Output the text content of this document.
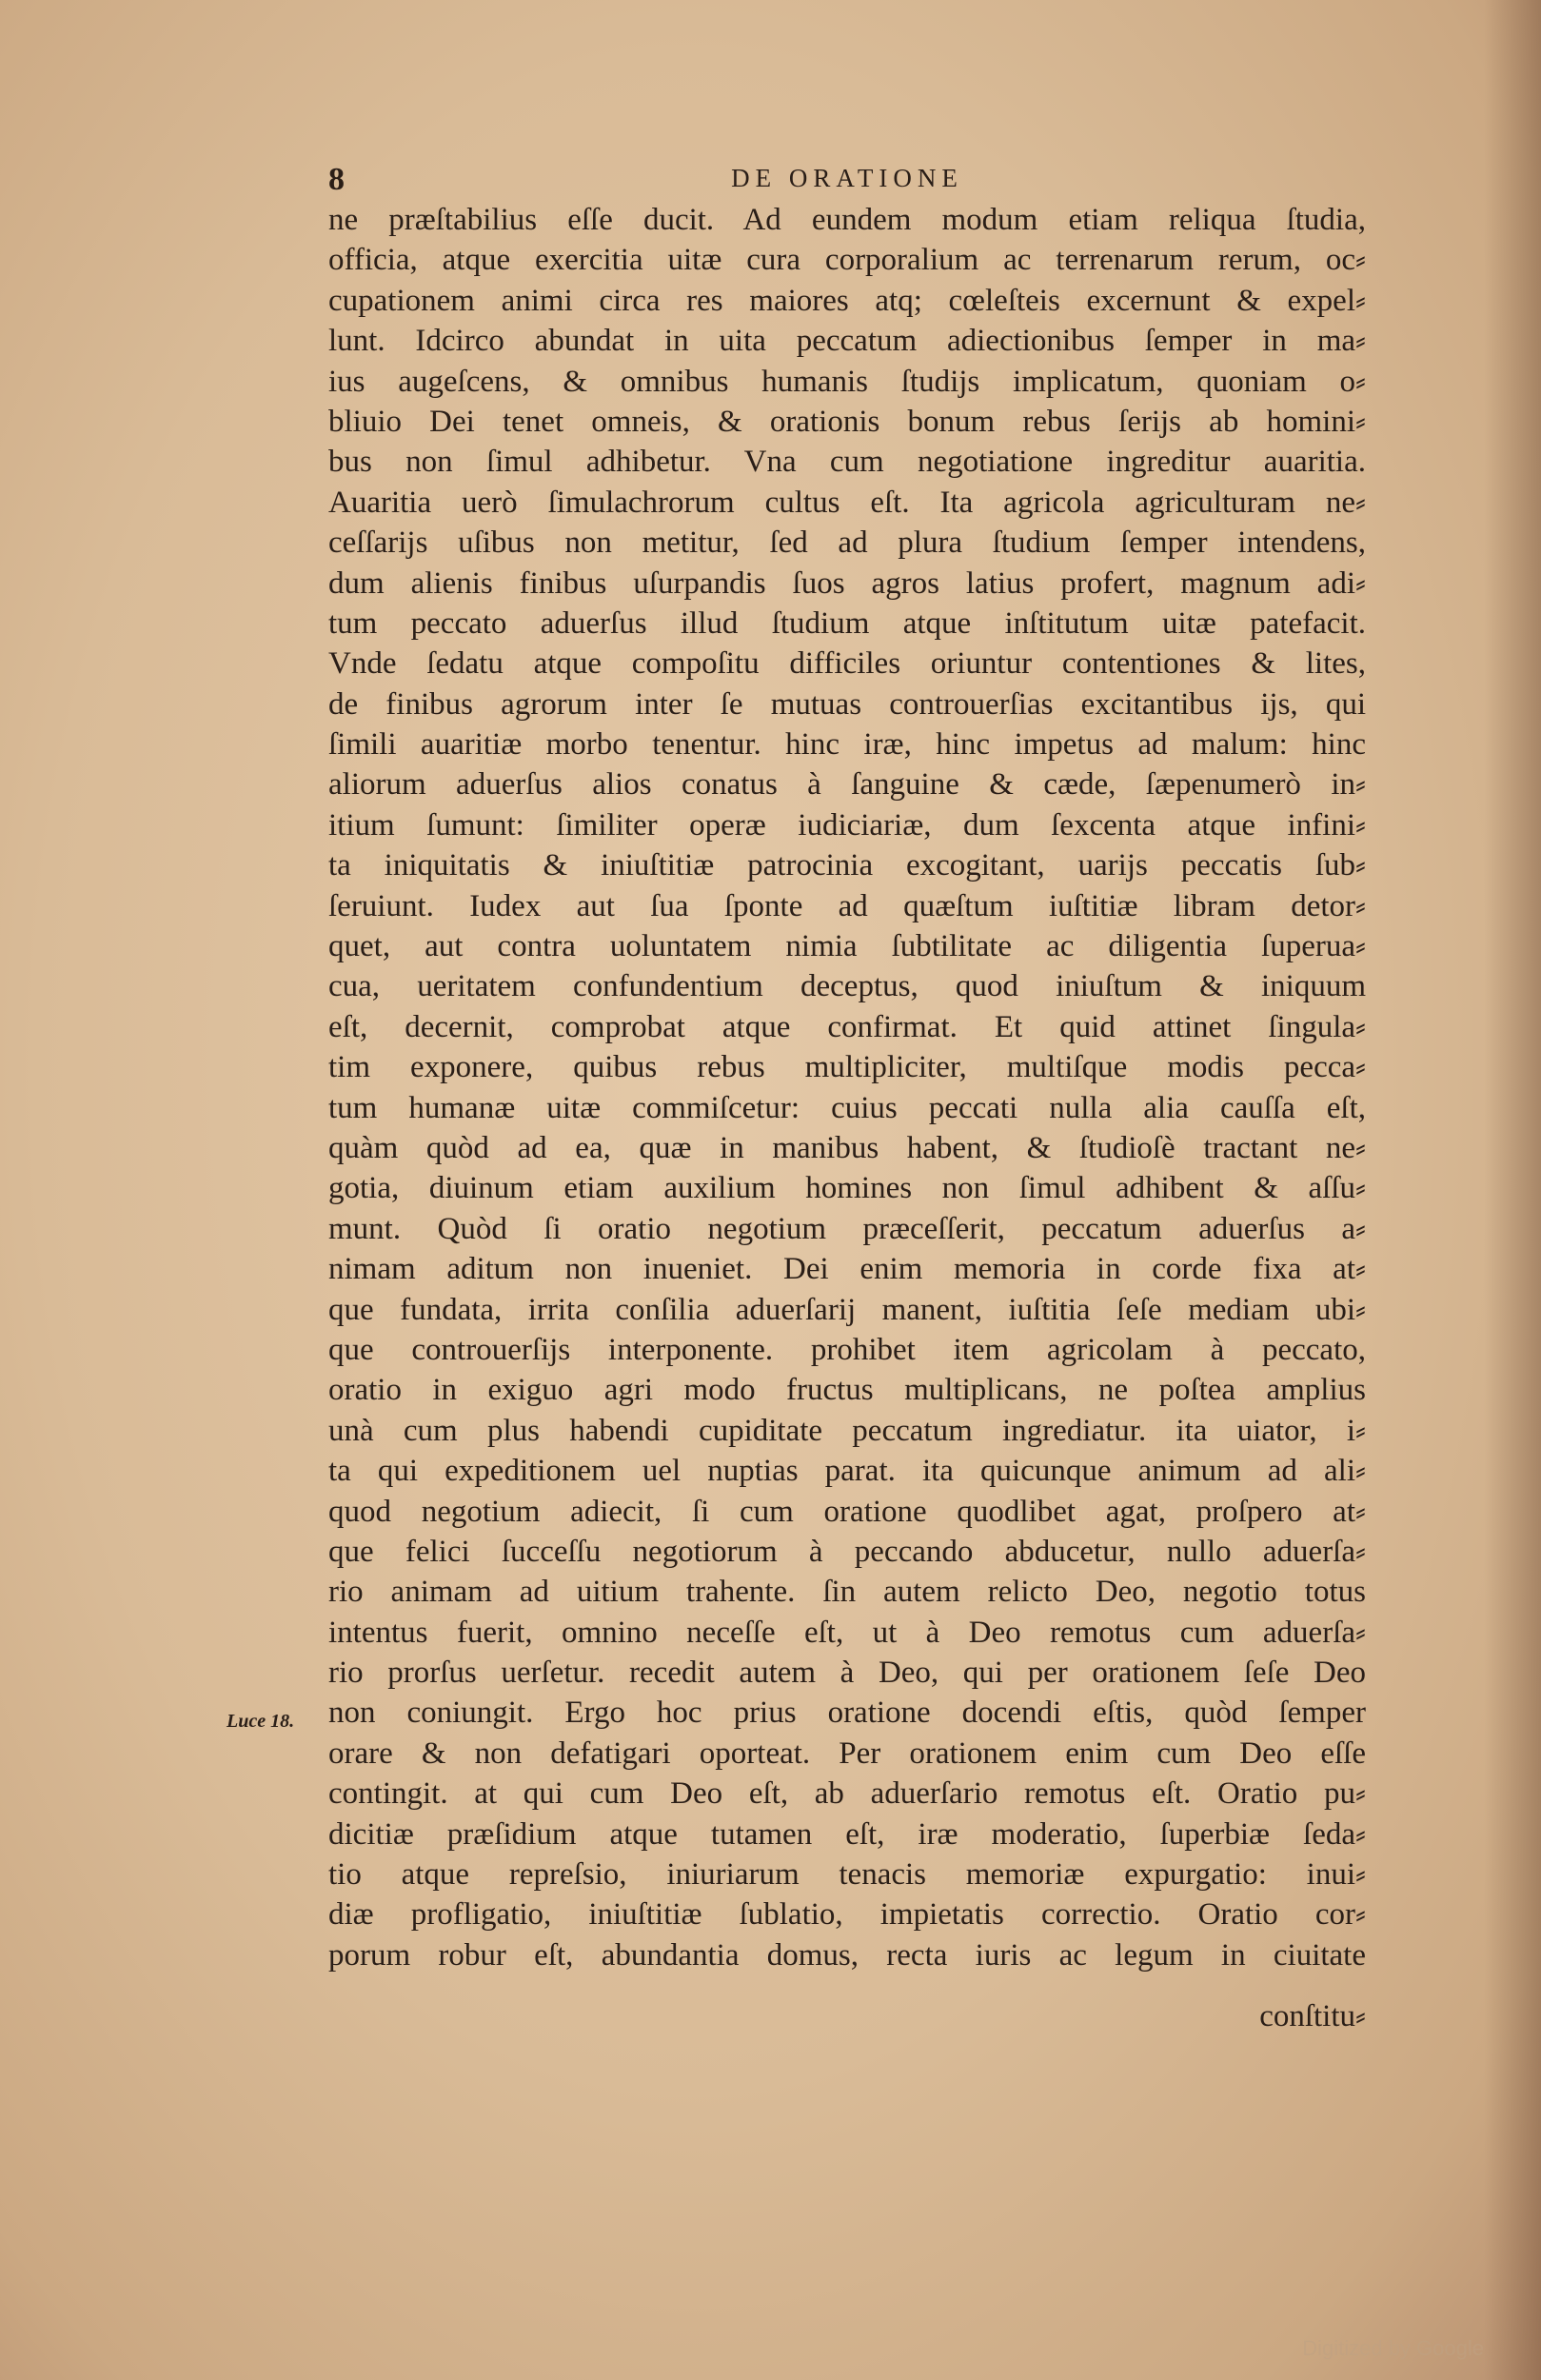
8	DE ORATIONE
Luce 18.
ne præſtabilius eſſe ducit. Ad eundem modum etiam reliqua ſtudia,
officia, atque exercitia uitæ cura corporalium ac terrenarum rerum, oc⸗
cupationem animi circa res maiores atq; cœleſteis excernunt & expel⸗
lunt. Idcirco abundat in uita peccatum adiectionibus ſemper in ma⸗
ius augeſcens, & omnibus humanis ſtudijs implicatum, quoniam o⸗
bliuio Dei tenet omneis, & orationis bonum rebus ſerijs ab homini⸗
bus non ſimul adhibetur. Vna cum negotiatione ingreditur auaritia.
Auaritia uerò ſimulachrorum cultus eſt. Ita agricola agriculturam ne⸗
ceſſarijs uſibus non metitur, ſed ad plura ſtudium ſemper intendens,
dum alienis finibus uſurpandis ſuos agros latius profert, magnum adi⸗
tum peccato aduerſus illud ſtudium atque inſtitutum uitæ patefacit.
Vnde ſedatu atque compoſitu difficiles oriuntur contentiones & lites,
de finibus agrorum inter ſe mutuas controuerſias excitantibus ijs, qui
ſimili auaritiæ morbo tenentur. hinc iræ, hinc impetus ad malum: hinc
aliorum aduerſus alios conatus à ſanguine & cæde, ſæpenumerò in⸗
itium ſumunt: ſimiliter operæ iudiciariæ, dum ſexcenta atque infini⸗
ta iniquitatis & iniuſtitiæ patrocinia excogitant, uarijs peccatis ſub⸗
ſeruiunt. Iudex aut ſua ſponte ad quæſtum iuſtitiæ libram detor⸗
quet, aut contra uoluntatem nimia ſubtilitate ac diligentia ſuperua⸗
cua, ueritatem confundentium deceptus, quod iniuſtum & iniquum
eſt, decernit, comprobat atque confirmat. Et quid attinet ſingula⸗
tim exponere, quibus rebus multipliciter, multiſque modis pecca⸗
tum humanæ uitæ commiſcetur: cuius peccati nulla alia cauſſa eſt,
quàm quòd ad ea, quæ in manibus habent, & ſtudioſè tractant ne⸗
gotia, diuinum etiam auxilium homines non ſimul adhibent & aſſu⸗
munt. Quòd ſi oratio negotium præceſſerit, peccatum aduerſus a⸗
nimam aditum non inueniet. Dei enim memoria in corde fixa at⸗
que fundata, irrita conſilia aduerſarij manent, iuſtitia ſeſe mediam ubi⸗
que controuerſijs interponente. prohibet item agricolam à peccato,
oratio in exiguo agri modo fructus multiplicans, ne poſtea amplius
unà cum plus habendi cupiditate peccatum ingrediatur. ita uiator, i⸗
ta qui expeditionem uel nuptias parat. ita quicunque animum ad ali⸗
quod negotium adiecit, ſi cum oratione quodlibet agat, proſpero at⸗
que felici ſucceſſu negotiorum à peccando abducetur, nullo aduerſa⸗
rio animam ad uitium trahente. ſin autem relicto Deo, negotio totus
intentus fuerit, omnino neceſſe eſt, ut à Deo remotus cum aduerſa⸗
rio prorſus uerſetur. recedit autem à Deo, qui per orationem ſeſe Deo
non coniungit. Ergo hoc prius oratione docendi eſtis, quòd ſemper
orare & non defatigari oporteat. Per orationem enim cum Deo eſſe
contingit. at qui cum Deo eſt, ab aduerſario remotus eſt. Oratio pu⸗
dicitiæ præſidium atque tutamen eſt, iræ moderatio, ſuperbiæ ſeda⸗
tio atque repreſsio, iniuriarum tenacis memoriæ expurgatio: inui⸗
diæ profligatio, iniuſtitiæ ſublatio, impietatis correctio. Oratio cor⸗
porum robur eſt, abundantia domus, recta iuris ac legum in ciuitate
conſtitu⸗
Digitized by Google
